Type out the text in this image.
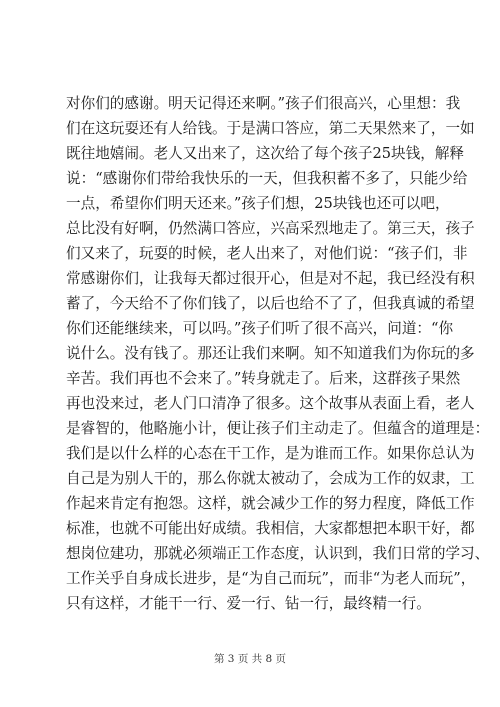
对你们的感谢。明天记得还来啊。”孩子们很高兴，心里想：我
们在这玩耍还有人给钱。于是满口答应，第二天果然来了，一如
既往地嬉闹。老人又出来了，这次给了每个孩子25块钱，解释
说：“感谢你们带给我快乐的一天，但我积蓄不多了，只能少给
一点，希望你们明天还来。”孩子们想，25块钱也还可以吧，
总比没有好啊，仍然满口答应，兴高采烈地走了。第三天，孩子
们又来了，玩耍的时候，老人出来了，对他们说：“孩子们，非
常感谢你们，让我每天都过很开心，但是对不起，我已经没有积
蓄了，今天给不了你们钱了，以后也给不了了，但我真诚的希望
你们还能继续来，可以吗。”孩子们听了很不高兴，问道：“你
说什么。没有钱了。那还让我们来啊。知不知道我们为你玩的多
辛苦。我们再也不会来了。”转身就走了。后来，这群孩子果然
再也没来过，老人门口清净了很多。这个故事从表面上看，老人
是睿智的，他略施小计，便让孩子们主动走了。但蕴含的道理是：
我们是以什么样的心态在干工作，是为谁而工作。如果你总认为
自己是为别人干的，那么你就太被动了，会成为工作的奴隶，工
作起来肯定有抱怨。这样，就会减少工作的努力程度，降低工作
标准，也就不可能出好成绩。我相信，大家都想把本职干好，都
想岗位建功，那就必须端正工作态度，认识到，我们日常的学习、
工作关乎自身成长进步，是“为自己而玩”，而非“为老人而玩”，
只有这样，才能干一行、爱一行、钻一行，最终精一行。
第 3 页 共 8 页
